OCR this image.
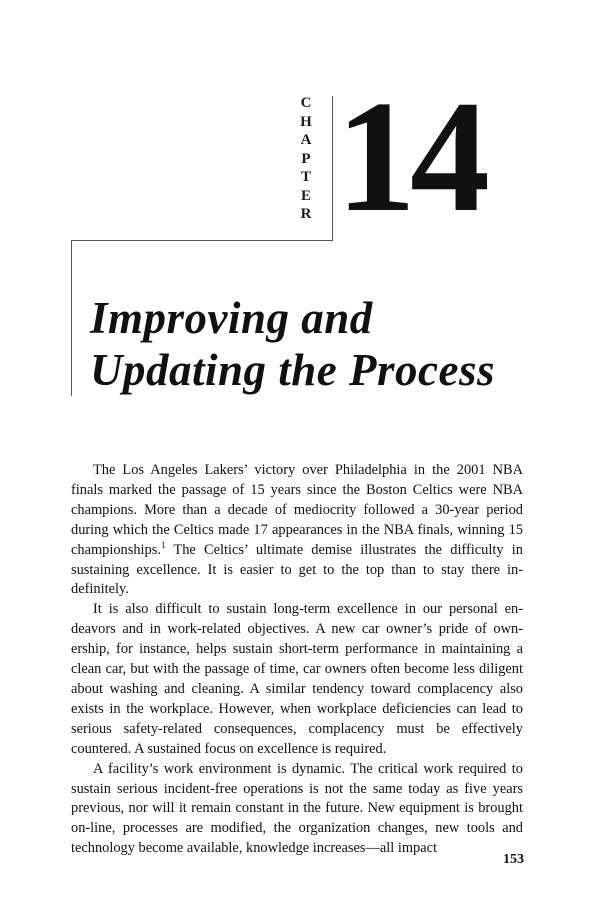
C
H
A
P
T
E
R 14
Improving and
Updating the Process

The Los Angeles Lakers’ victory over Philadelphia in the 2001 NBA finals marked the passage of 15 years since the Boston Celtics were NBA champions. More than a decade of mediocrity followed a 30-year period during which the Celtics made 17 appearances in the NBA finals, winning 15 championships.$^1$ The Celtics’ ultimate demise illustrates the difficulty in sustaining excellence. It is easier to get to the top than to stay there indefinitely.

It is also difficult to sustain long-term excellence in our personal endeavors and in work-related objectives. A new car owner’s pride of ownership, for instance, helps sustain short-term performance in maintaining a clean car, but with the passage of time, car owners often become less diligent about washing and cleaning. A similar tendency toward complacency also exists in the workplace. However, when workplace deficiencies can lead to serious safety-related consequences, complacency must be effectively countered. A sustained focus on excellence is required.

A facility’s work environment is dynamic. The critical work required to sustain serious incident-free operations is not the same today as five years previous, nor will it remain constant in the future. New equipment is brought on-line, processes are modified, the organization changes, new tools and technology become available, knowledge increases—all impact

153
